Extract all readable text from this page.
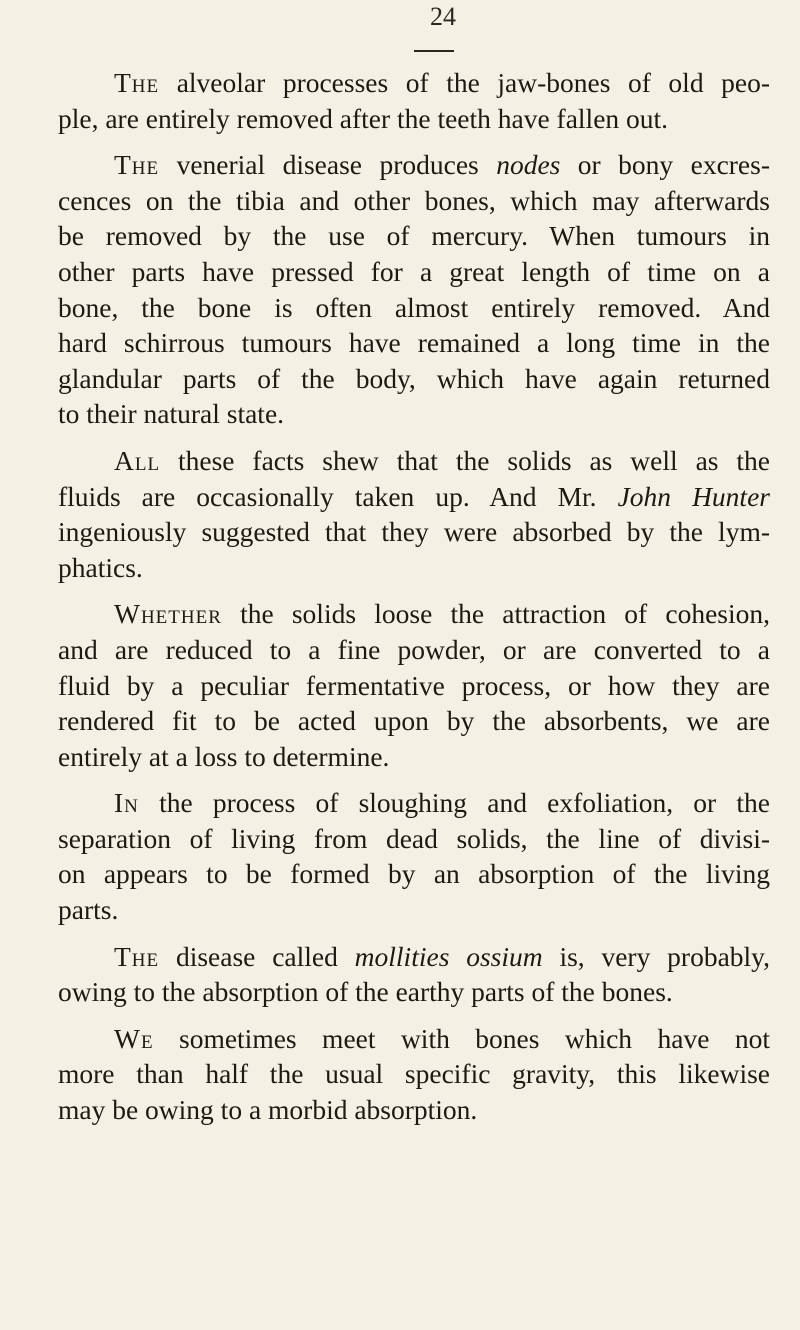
24

The alveolar processes of the jaw-bones of old peo-
ple, are entirely removed after the teeth have fallen out.

The venerial disease produces nodes or bony excres-
cences on the tibia and other bones, which may afterwards
be removed by the use of mercury. When tumours in
other parts have pressed for a great length of time on a
bone, the bone is often almost entirely removed. And
hard schirrous tumours have remained a long time in the
glandular parts of the body, which have again returned
to their natural state.

All these facts shew that the solids as well as the
fluids are occasionally taken up. And Mr. John Hunter
ingeniously suggested that they were absorbed by the lym-
phatics.

Whether the solids loose the attraction of cohesion,
and are reduced to a fine powder, or are converted to a
fluid by a peculiar fermentative process, or how they are
rendered fit to be acted upon by the absorbents, we are
entirely at a loss to determine.

In the process of sloughing and exfoliation, or the
separation of living from dead solids, the line of divisi-
on appears to be formed by an absorption of the living
parts.

The disease called mollities ossium is, very probably,
owing to the absorption of the earthy parts of the bones.

We sometimes meet with bones which have not
more than half the usual specific gravity, this likewise
may be owing to a morbid absorption.
